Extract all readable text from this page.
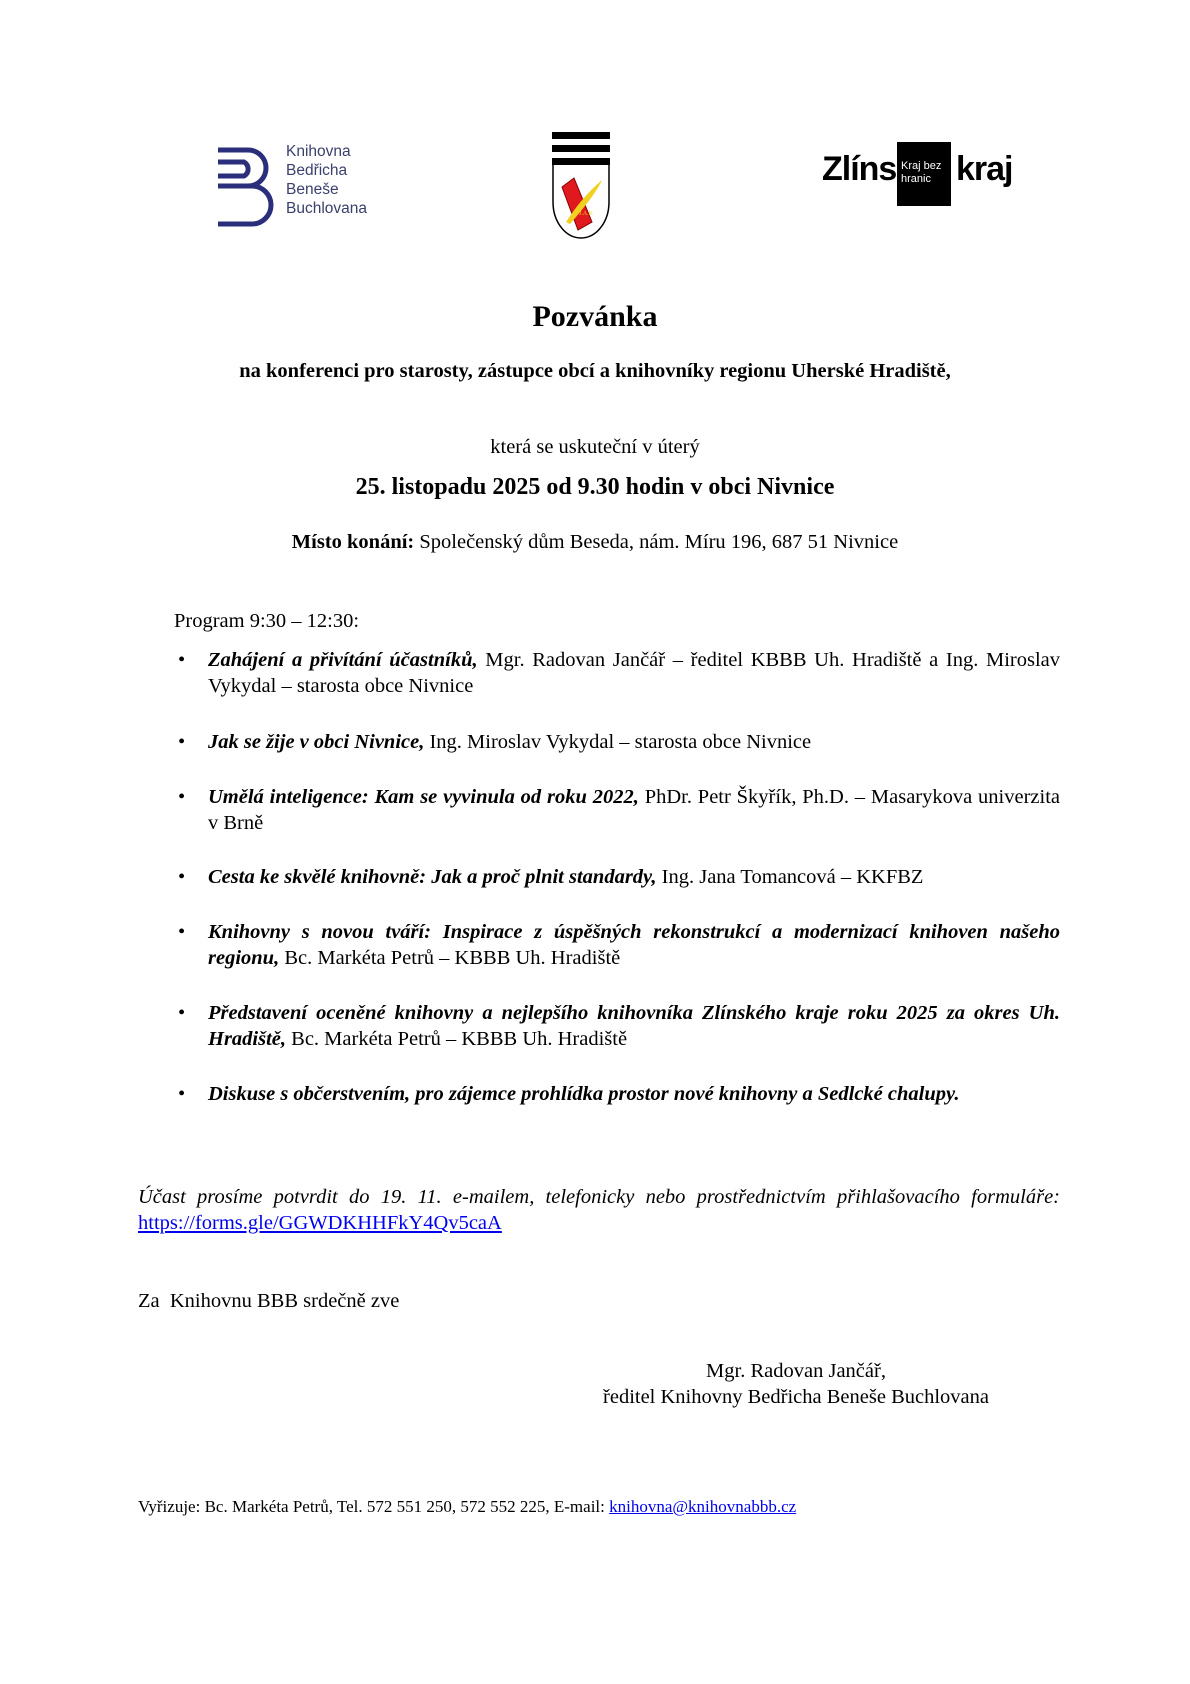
Knihovna
Bedřicha
Beneše
Buchlovana	J.A.K
Zlíns Kraj bez
hranic kraj
Pozvánka
na konferenci pro starosty, zástupce obcí a knihovníky regionu Uherské Hradiště,
která se uskuteční v úterý
25. listopadu 2025 od 9.30 hodin v obci Nivnice
Místo konání: Společenský dům Beseda, nám. Míru 196, 687 51 Nivnice
Program 9:30 – 12:30:
• Zahájení a přivítání účastníků, Mgr. Radovan Jančář – ředitel KBBB Uh. Hradiště a Ing. Miroslav Vykydal – starosta obce Nivnice
• Jak se žije v obci Nivnice, Ing. Miroslav Vykydal – starosta obce Nivnice
• Umělá inteligence: Kam se vyvinula od roku 2022, PhDr. Petr Škyřík, Ph.D. – Masarykova univerzita v Brně
• Cesta ke skvělé knihovně: Jak a proč plnit standardy, Ing. Jana Tomancová – KKFBZ
• Knihovny s novou tváří: Inspirace z úspěšných rekonstrukcí a modernizací knihoven našeho regionu, Bc. Markéta Petrů – KBBB Uh. Hradiště
• Představení oceněné knihovny a nejlepšího knihovníka Zlínského kraje roku 2025 za okres Uh. Hradiště, Bc. Markéta Petrů – KBBB Uh. Hradiště
• Diskuse s občerstvením, pro zájemce prohlídka prostor nové knihovny a Sedlcké chalupy.
Účast prosíme potvrdit do 19. 11. e-mailem, telefonicky nebo prostřednictvím přihlašovacího formuláře: https://forms.gle/GGWDKHHFkY4Qv5caA
Za  Knihovnu BBB srdečně zve
Mgr. Radovan Jančář,
ředitel Knihovny Bedřicha Beneše Buchlovana
Vyřizuje: Bc. Markéta Petrů, Tel. 572 551 250, 572 552 225, E-mail: knihovna@knihovnabbb.cz
